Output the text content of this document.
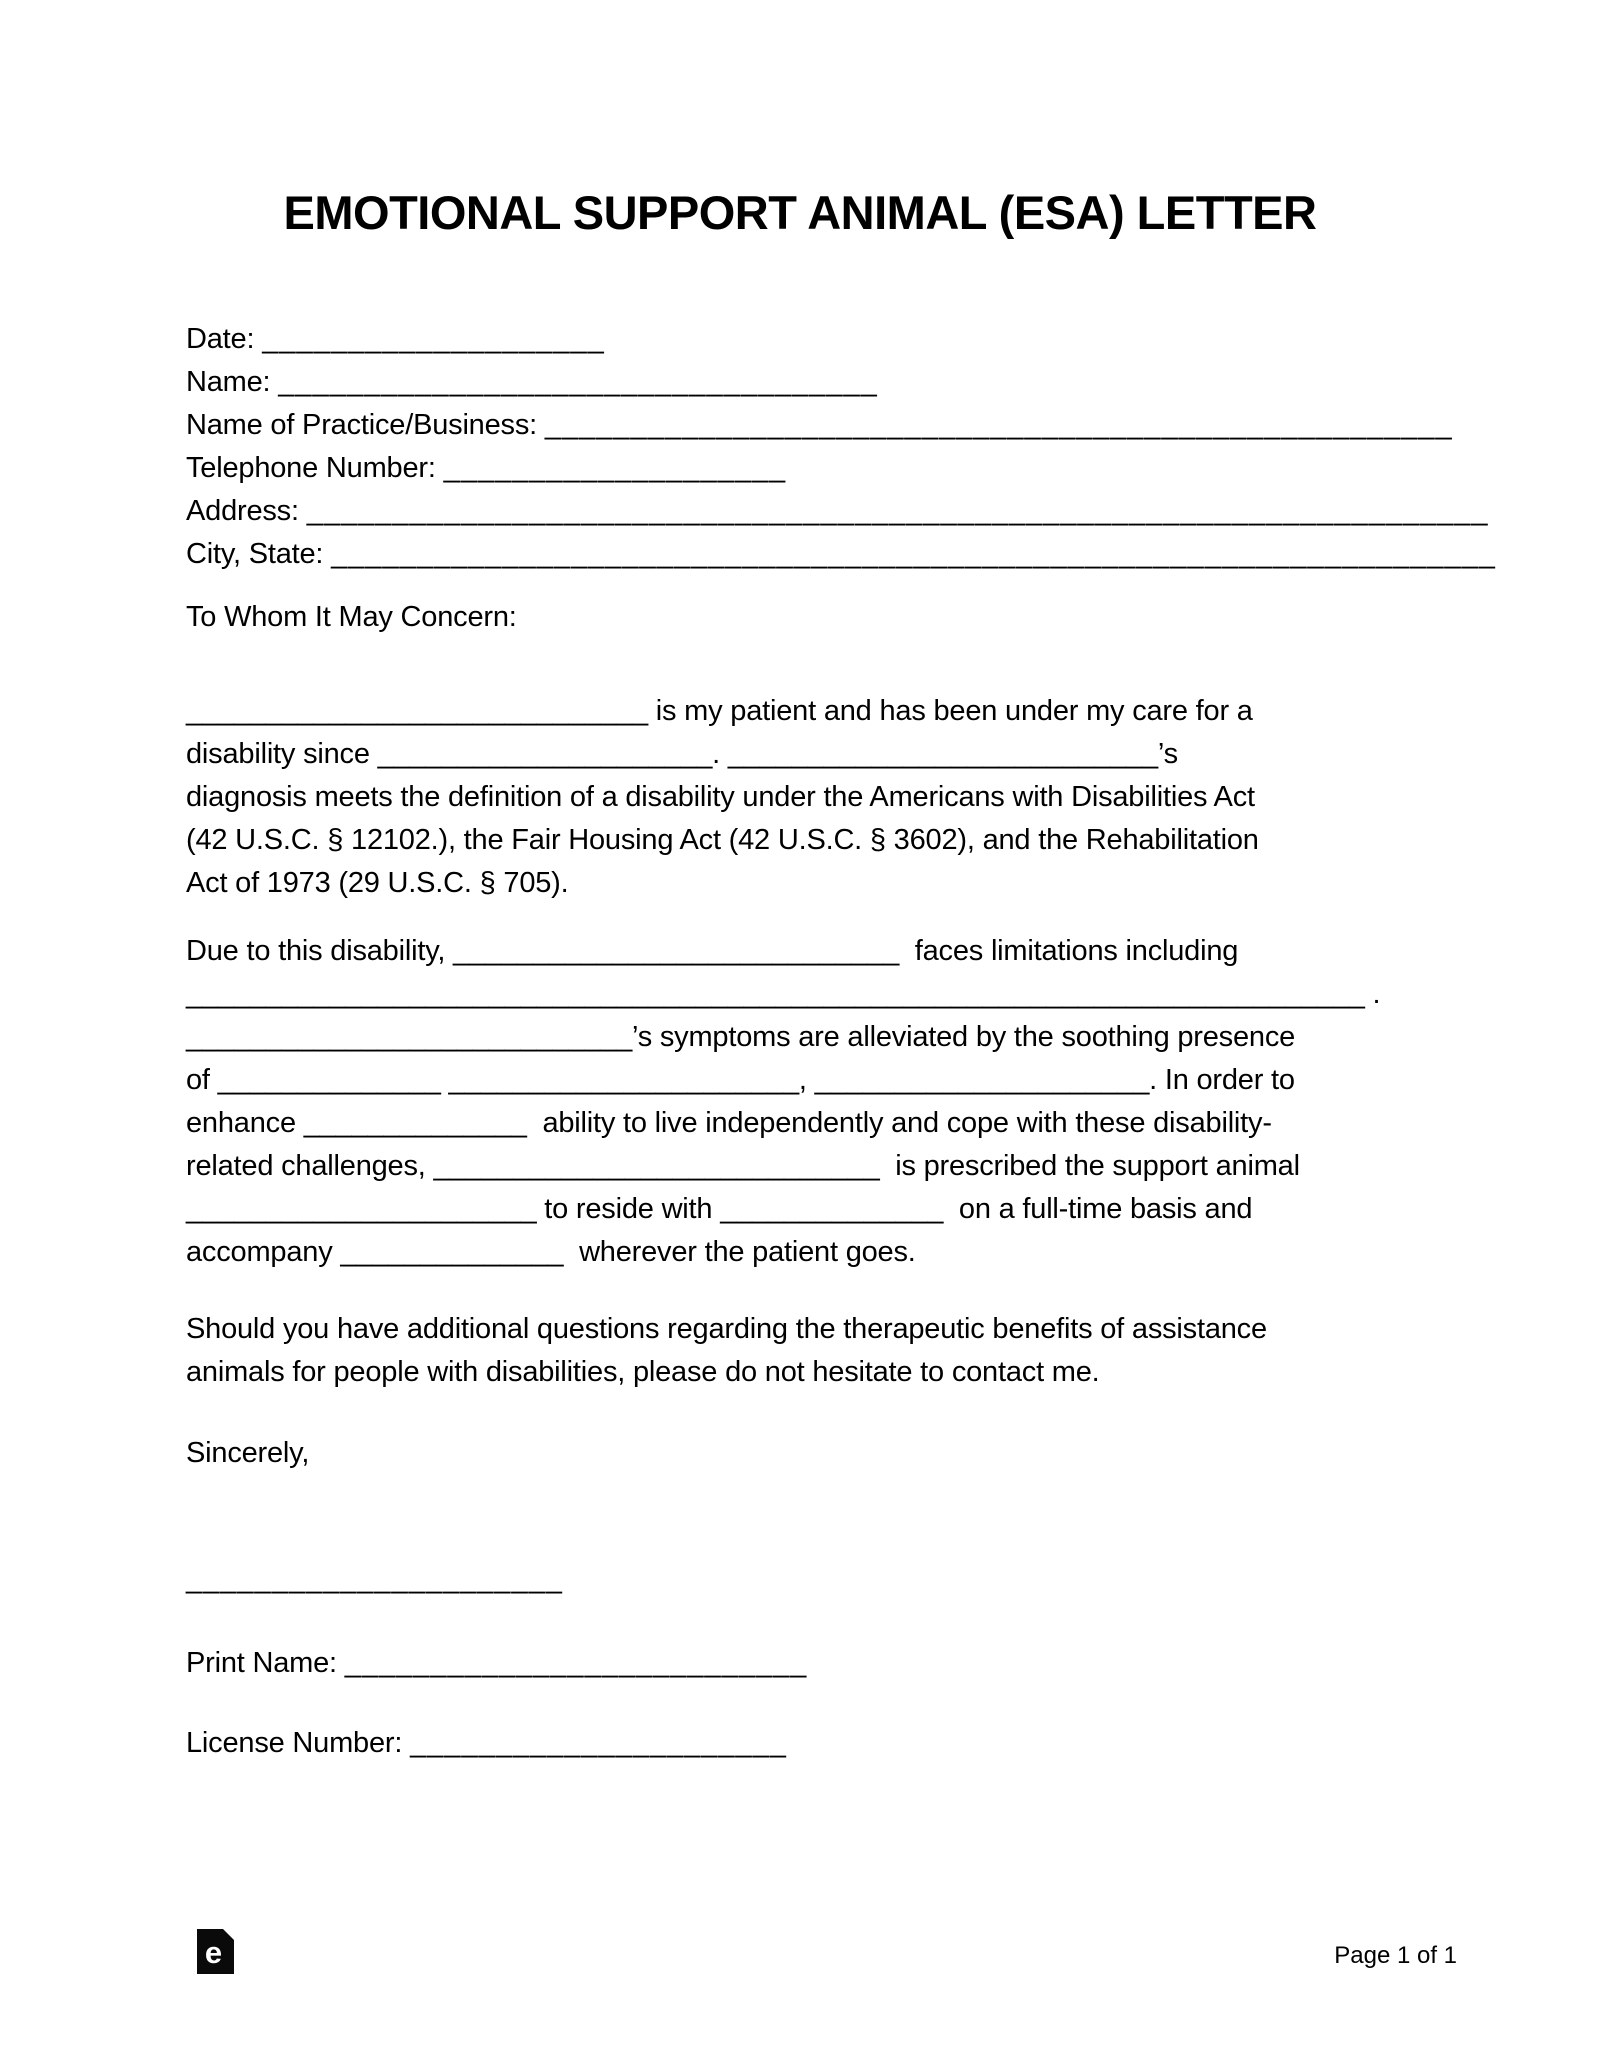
EMOTIONAL SUPPORT ANIMAL (ESA) LETTER
Date: ____________________
Name: ___________________________________
Name of Practice/Business: _____________________________________________________
Telephone Number: ____________________
Address: _____________________________________________________________________
City, State: ____________________________________________________________________
To Whom It May Concern:
_____________________________ is my patient and has been under my care for a
disability since _____________________. ___________________________’s
diagnosis meets the definition of a disability under the Americans with Disabilities Act
(42 U.S.C. § 12102.), the Fair Housing Act (42 U.S.C. § 3602), and the Rehabilitation
Act of 1973 (29 U.S.C. § 705).
Due to this disability, ____________________________  faces limitations including
__________________________________________________________________________ .
____________________________’s symptoms are alleviated by the soothing presence
of ______________ ______________________, _____________________. In order to
enhance ______________  ability to live independently and cope with these disability-
related challenges, ____________________________  is prescribed the support animal
______________________ to reside with ______________  on a full-time basis and
accompany ______________  wherever the patient goes.
Should you have additional questions regarding the therapeutic benefits of assistance
animals for people with disabilities, please do not hesitate to contact me.
Sincerely,
______________________
Print Name: ___________________________
License Number: ______________________
e	Page 1 of 1
